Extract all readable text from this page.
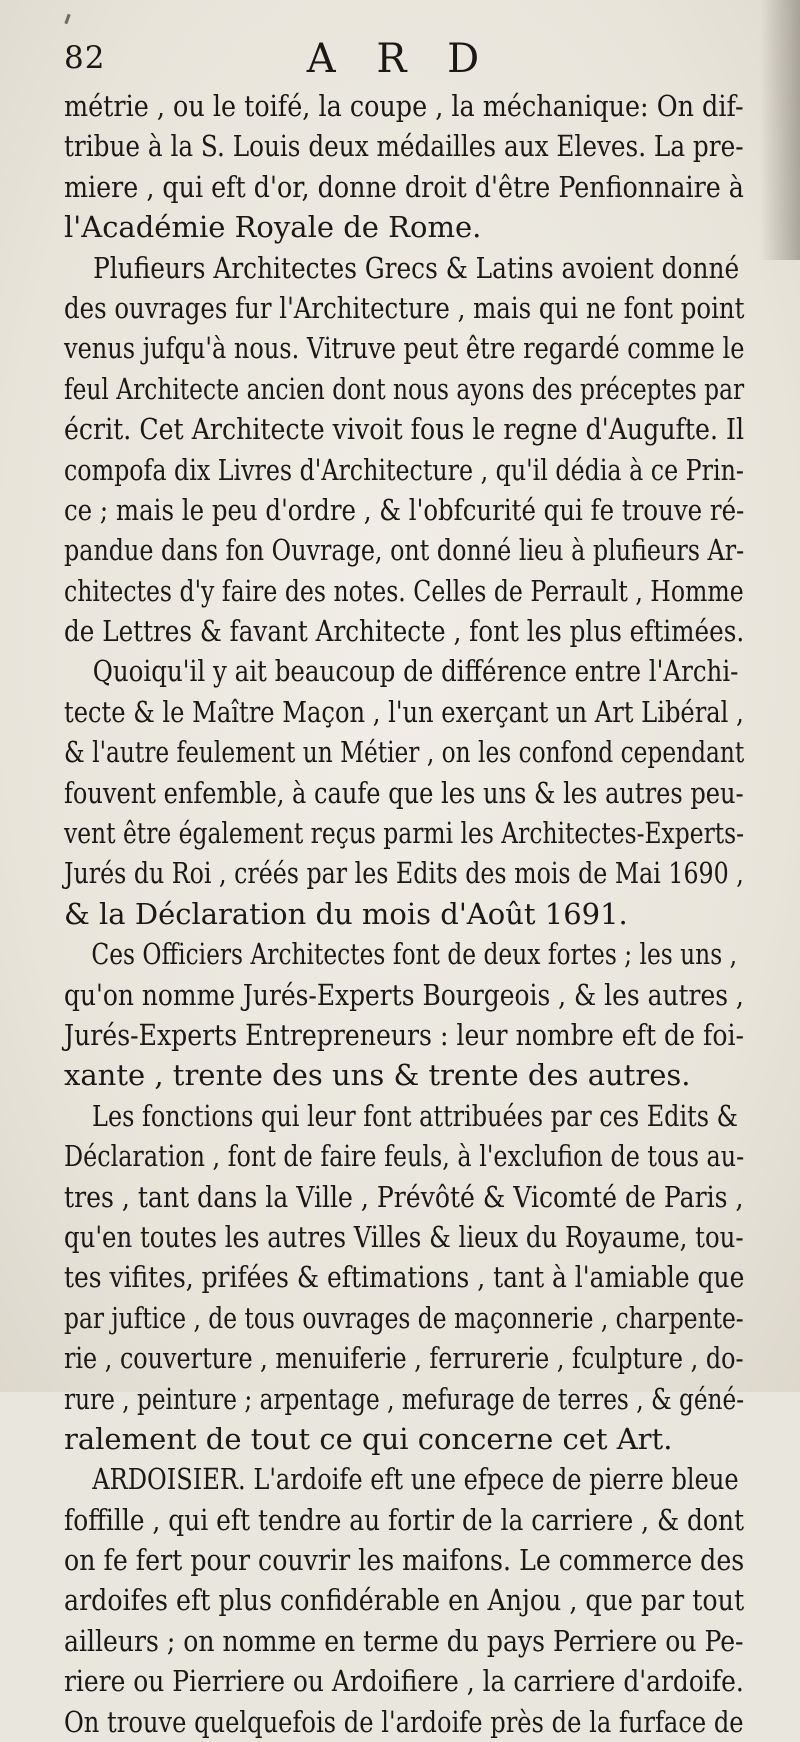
82	A R D
métrie , ou le toifé, la coupe , la méchanique: On dif-
tribue à la S. Louis deux médailles aux Eleves. La pre-
miere , qui eft d'or, donne droit d'être Penfionnaire à
l'Académie Royale de Rome.
Plufieurs Architectes Grecs & Latins avoient donné
des ouvrages fur l'Architecture , mais qui ne font point
venus jufqu'à nous. Vitruve peut être regardé comme le
feul Architecte ancien dont nous ayons des préceptes par
écrit. Cet Architecte vivoit fous le regne d'Augufte. Il
compofa dix Livres d'Architecture , qu'il dédia à ce Prin-
ce ; mais le peu d'ordre , & l'obfcurité qui fe trouve ré-
pandue dans fon Ouvrage, ont donné lieu à plufieurs Ar-
chitectes d'y faire des notes. Celles de Perrault , Homme
de Lettres & favant Architecte , font les plus eftimées.
Quoiqu'il y ait beaucoup de différence entre l'Archi-
tecte & le Maître Maçon , l'un exerçant un Art Libéral ,
& l'autre feulement un Métier , on les confond cependant
fouvent enfemble, à caufe que les uns & les autres peu-
vent être également reçus parmi les Architectes-Experts-
Jurés du Roi , créés par les Edits des mois de Mai 1690 ,
& la Déclaration du mois d'Août 1691.
Ces Officiers Architectes font de deux fortes ; les uns ,
qu'on nomme Jurés-Experts Bourgeois , & les autres ,
Jurés-Experts Entrepreneurs : leur nombre eft de foi-
xante , trente des uns & trente des autres.
Les fonctions qui leur font attribuées par ces Edits &
Déclaration , font de faire feuls, à l'exclufion de tous au-
tres , tant dans la Ville , Prévôté & Vicomté de Paris ,
qu'en toutes les autres Villes & lieux du Royaume, tou-
tes vifites, prifées & eftimations , tant à l'amiable que
par juftice , de tous ouvrages de maçonnerie , charpente-
rie , couverture , menuiferie , ferrurerie , fculpture , do-
rure , peinture ; arpentage , mefurage de terres , & géné-
ralement de tout ce qui concerne cet Art.
ARDOISIER. L'ardoife eft une efpece de pierre bleue
foffille , qui eft tendre au fortir de la carriere , & dont
on fe fert pour couvrir les maifons. Le commerce des
ardoifes eft plus confidérable en Anjou , que par tout
ailleurs ; on nomme en terme du pays Perriere ou Pe-
riere ou Pierriere ou Ardoifiere , la carriere d'ardoife.
On trouve quelquefois de l'ardoife près de la furface de
